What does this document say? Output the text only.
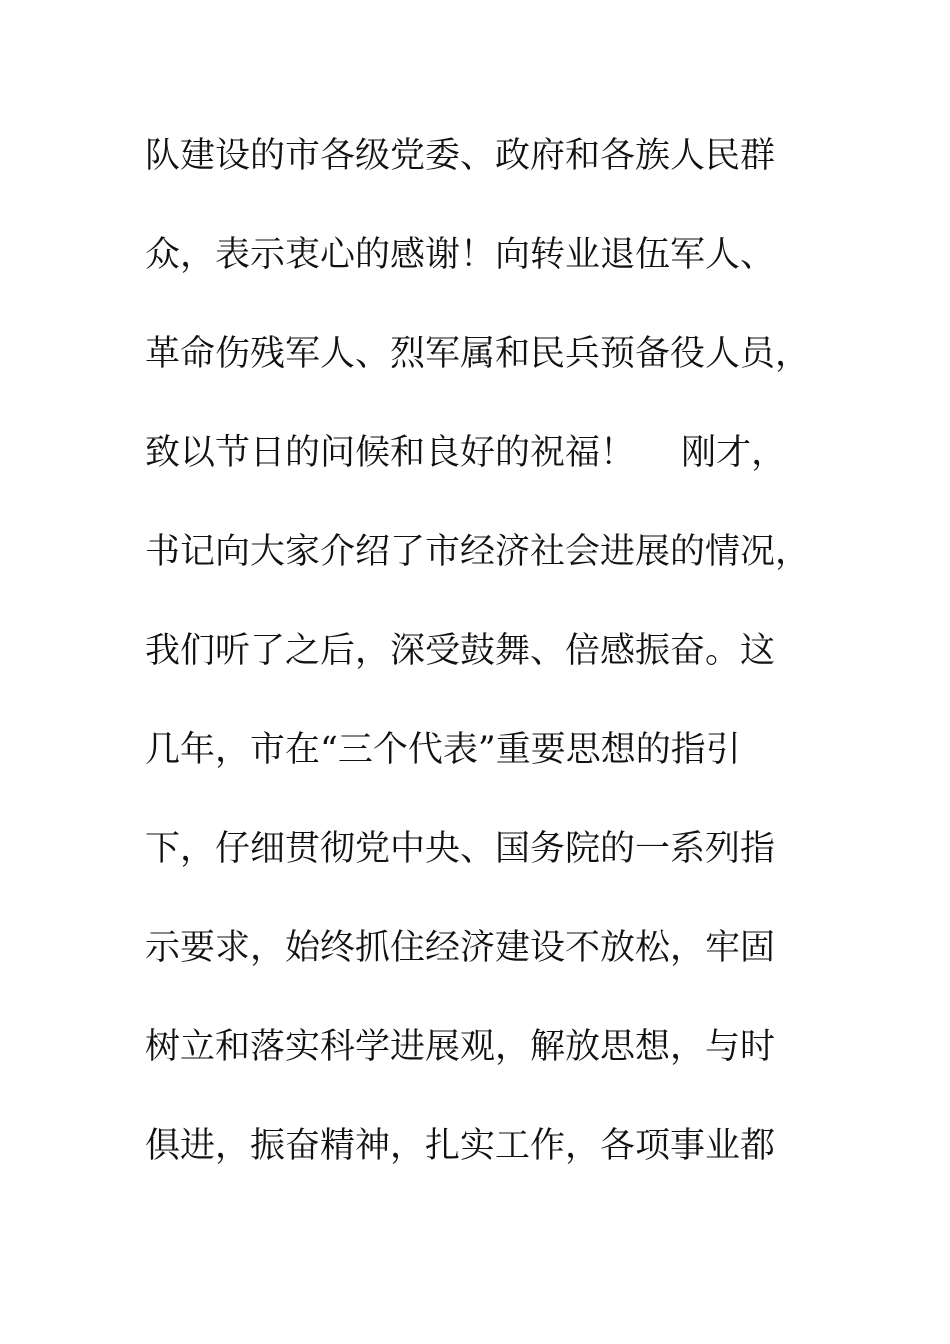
队建设的市各级党委、政府和各族人民群
众，表示衷心的感谢！向转业退伍军人、
革命伤残军人、烈军属和民兵预备役人员，
致以节日的问候和良好的祝福！　 刚才，
书记向大家介绍了市经济社会进展的情况，
我们听了之后，深受鼓舞、倍感振奋。这
几年，市在“三个代表”重要思想的指引
下，仔细贯彻党中央、国务院的一系列指
示要求，始终抓住经济建设不放松，牢固
树立和落实科学进展观，解放思想，与时
俱进，振奋精神，扎实工作，各项事业都
